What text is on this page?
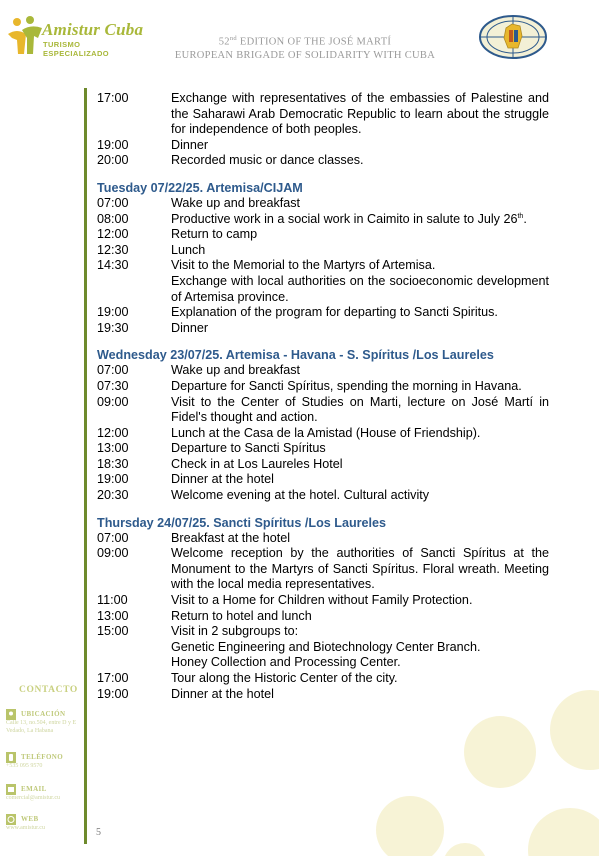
Amistur Cuba
TURISMO ESPECIALIZADO
52nd EDITION OF THE JOSÉ MARTÍ
EUROPEAN BRIGADE OF SOLIDARITY WITH CUBA
CONTACTO
UBICACIÓN
Calle 13, no.504, entre D y E Vedado, La Habana
TELÉFONO
+535 095 9570
EMAIL
comercial@amistur.cu
WEB
www.amistur.cu
17:00	Exchange with representatives of the embassies of Palestine and the Saharawi Arab Democratic Republic to learn about the struggle for independence of both peoples.
19:00	Dinner
20:00	Recorded music or dance classes.
Tuesday 07/22/25. Artemisa/CIJAM
07:00	Wake up and breakfast
08:00	Productive work in a social work in Caimito in salute to July 26th.
12:00	Return to camp
12:30	Lunch
14:30	Visit to the Memorial to the Martyrs of Artemisa.
Exchange with local authorities on the socioeconomic development of Artemisa province.
19:00	Explanation of the program for departing to Sancti Spiritus.
19:30	Dinner
Wednesday 23/07/25. Artemisa - Havana - S. Spíritus /Los Laureles
07:00	Wake up and breakfast
07:30	Departure for Sancti Spíritus, spending the morning in Havana.
09:00	Visit to the Center of Studies on Marti, lecture on José Martí in Fidel's thought and action.
12:00	Lunch at the Casa de la Amistad (House of Friendship).
13:00	Departure to Sancti Spíritus
18:30	Check in at Los Laureles Hotel
19:00	Dinner at the hotel
20:30	Welcome evening at the hotel. Cultural activity
Thursday 24/07/25. Sancti Spíritus /Los Laureles
07:00	Breakfast at the hotel
09:00	Welcome reception by the authorities of Sancti Spíritus at the Monument to the Martyrs of Sancti Spíritus. Floral wreath. Meeting with the local media representatives.
11:00	Visit to a Home for Children without Family Protection.
13:00	Return to hotel and lunch
15:00	Visit in 2 subgroups to:
Genetic Engineering and Biotechnology Center Branch.
Honey Collection and Processing Center.
17:00	Tour along the Historic Center of the city.
19:00	Dinner at the hotel
5
